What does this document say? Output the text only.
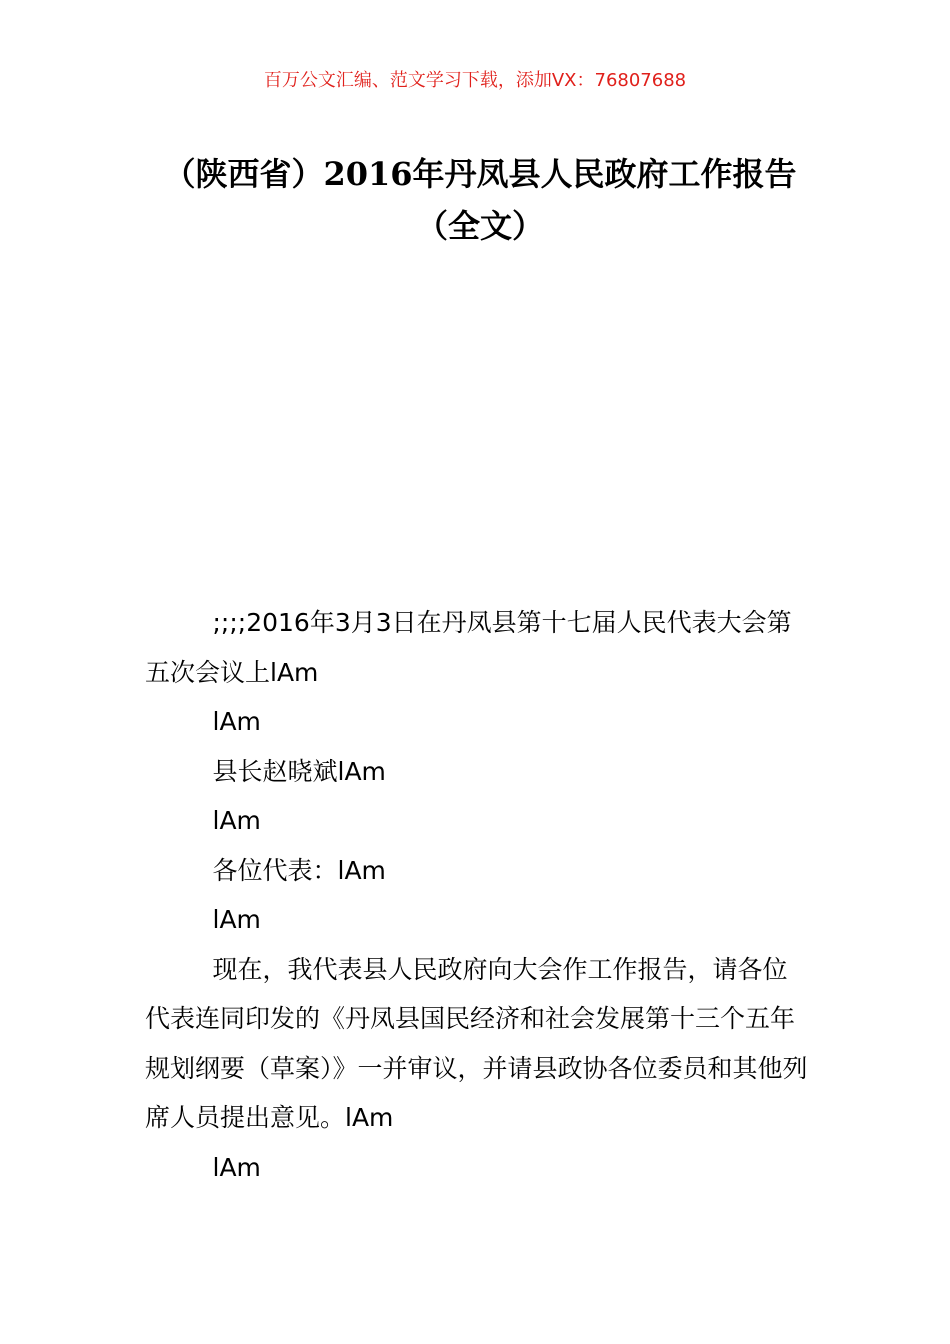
百万公文汇编、范文学习下载，添加VX：76807688
（陕西省）2016年丹凤县人民政府工作报告（全文）

;;;;2016年3月3日在丹凤县第十七届人民代表大会第五次会议上lAm

lAm

县长赵晓斌lAm

lAm

各位代表：lAm

lAm

现在，我代表县人民政府向大会作工作报告，请各位代表连同印发的《丹凤县国民经济和社会发展第十三个五年规划纲要（草案）》一并审议，并请县政协各位委员和其他列席人员提出意见。lAm

lAm
